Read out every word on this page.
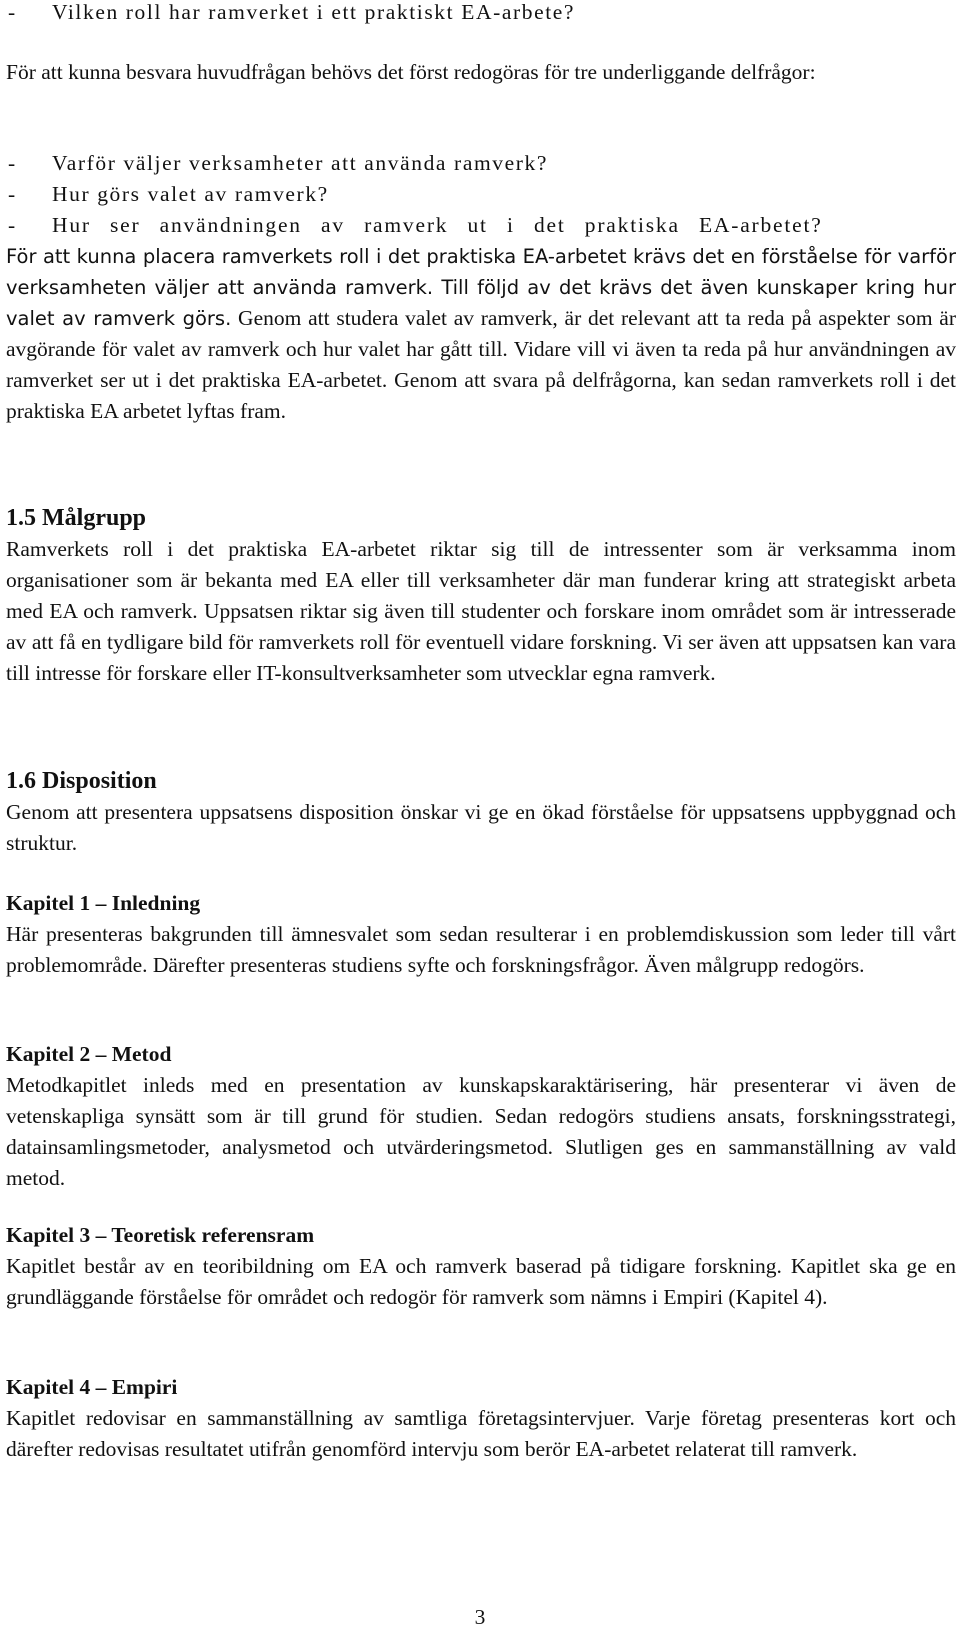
- Vilken roll har ramverket i ett praktiskt EA-arbete?

För att kunna besvara huvudfrågan behövs det först redogöras för tre underliggande delfrågor:

- Varför väljer verksamheter att använda ramverk?
- Hur görs valet av ramverk?
- Hur ser användningen av ramverk ut i det praktiska EA-arbetet?

För att kunna placera ramverkets roll i det praktiska EA-arbetet krävs det en förståelse för varför verksamheten väljer att använda ramverk. Till följd av det krävs det även kunskaper kring hur valet av ramverk görs. Genom att studera valet av ramverk, är det relevant att ta reda på aspekter som är avgörande för valet av ramverk och hur valet har gått till. Vidare vill vi även ta reda på hur användningen av ramverket ser ut i det praktiska EA-arbetet. Genom att svara på delfrågorna, kan sedan ramverkets roll i det praktiska EA arbetet lyftas fram.

1.5 Målgrupp

Ramverkets roll i det praktiska EA-arbetet riktar sig till de intressenter som är verksamma inom organisationer som är bekanta med EA eller till verksamheter där man funderar kring att strategiskt arbeta med EA och ramverk. Uppsatsen riktar sig även till studenter och forskare inom området som är intresserade av att få en tydligare bild för ramverkets roll för eventuell vidare forskning. Vi ser även att uppsatsen kan vara till intresse för forskare eller IT-konsultverksamheter som utvecklar egna ramverk.

1.6 Disposition

Genom att presentera uppsatsens disposition önskar vi ge en ökad förståelse för uppsatsens uppbyggnad och struktur.

Kapitel 1 – Inledning

Här presenteras bakgrunden till ämnesvalet som sedan resulterar i en problemdiskussion som leder till vårt problemområde. Därefter presenteras studiens syfte och forskningsfrågor. Även målgrupp redogörs.

Kapitel 2 – Metod

Metodkapitlet inleds med en presentation av kunskapskaraktärisering, här presenterar vi även de vetenskapliga synsätt som är till grund för studien. Sedan redogörs studiens ansats, forskningsstrategi, datainsamlingsmetoder, analysmetod och utvärderingsmetod. Slutligen ges en sammanställning av vald metod.

Kapitel 3 – Teoretisk referensram

Kapitlet består av en teoribildning om EA och ramverk baserad på tidigare forskning. Kapitlet ska ge en grundläggande förståelse för området och redogör för ramverk som nämns i Empiri (Kapitel 4).

Kapitel 4 – Empiri

Kapitlet redovisar en sammanställning av samtliga företagsintervjuer. Varje företag presenteras kort och därefter redovisas resultatet utifrån genomförd intervju som berör EA-arbetet relaterat till ramverk.

3
